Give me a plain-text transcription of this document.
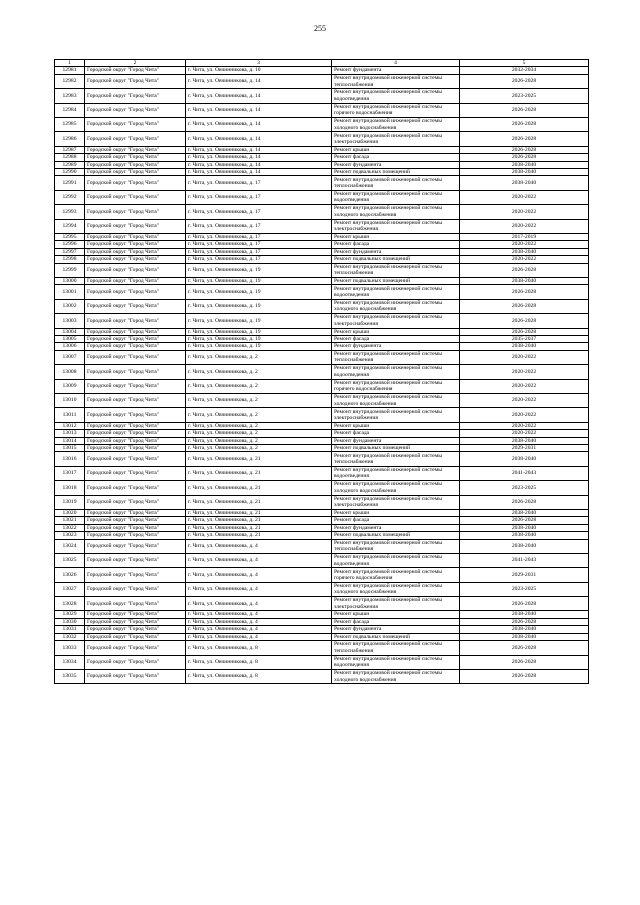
255
1	2	3	4	5
12981	Городской округ "Город Чита"	г. Чита, ул. Овчинникова, д. 10	Ремонт фундамента	2032-2034
12982	Городской округ "Город Чита"	г. Чита, ул. Овчинникова, д. 14	Ремонт внутридомовой инженерной системы теплоснабжения	2026-2028
12983	Городской округ "Город Чита"	г. Чита, ул. Овчинникова, д. 14	Ремонт внутридомовой инженерной системы водоотведения	2023-2025
12984	Городской округ "Город Чита"	г. Чита, ул. Овчинникова, д. 14	Ремонт внутридомовой инженерной системы горячего водоснабжения	2026-2028
12985	Городской округ "Город Чита"	г. Чита, ул. Овчинникова, д. 14	Ремонт внутридомовой инженерной системы холодного водоснабжения	2026-2028
12986	Городской округ "Город Чита"	г. Чита, ул. Овчинникова, д. 14	Ремонт внутридомовой инженерной системы электроснабжения	2026-2028
12987	Городской округ "Город Чита"	г. Чита, ул. Овчинникова, д. 14	Ремонт крыши	2026-2028
12988	Городской округ "Город Чита"	г. Чита, ул. Овчинникова, д. 14	Ремонт фасада	2026-2028
12989	Городской округ "Город Чита"	г. Чита, ул. Овчинникова, д. 14	Ремонт фундамента	2038-2040
12990	Городской округ "Город Чита"	г. Чита, ул. Овчинникова, д. 14	Ремонт подвальных помещений	2038-2040
12991	Городской округ "Город Чита"	г. Чита, ул. Овчинникова, д. 17	Ремонт внутридомовой инженерной системы теплоснабжения	2038-2040
12992	Городской округ "Город Чита"	г. Чита, ул. Овчинникова, д. 17	Ремонт внутридомовой инженерной системы водоотведения	2020-2022
12993	Городской округ "Город Чита"	г. Чита, ул. Овчинникова, д. 17	Ремонт внутридомовой инженерной системы холодного водоснабжения	2020-2022
12994	Городской округ "Город Чита"	г. Чита, ул. Овчинникова, д. 17	Ремонт внутридомовой инженерной системы электроснабжения	2020-2022
12995	Городской округ "Город Чита"	г. Чита, ул. Овчинникова, д. 17	Ремонт крыши	2017-2019
12996	Городской округ "Город Чита"	г. Чита, ул. Овчинникова, д. 17	Ремонт фасада	2020-2022
12997	Городской округ "Город Чита"	г. Чита, ул. Овчинникова, д. 17	Ремонт фундамента	2038-2040
12998	Городской округ "Город Чита"	г. Чита, ул. Овчинникова, д. 17	Ремонт подвальных помещений	2020-2022
12999	Городской округ "Город Чита"	г. Чита, ул. Овчинникова, д. 19	Ремонт внутридомовой инженерной системы теплоснабжения	2026-2028
13000	Городской округ "Город Чита"	г. Чита, ул. Овчинникова, д. 19	Ремонт подвальных помещений	2038-2040
13001	Городской округ "Город Чита"	г. Чита, ул. Овчинникова, д. 19	Ремонт внутридомовой инженерной системы водоотведения	2026-2028
13002	Городской округ "Город Чита"	г. Чита, ул. Овчинникова, д. 19	Ремонт внутридомовой инженерной системы холодного водоснабжения	2026-2028
13003	Городской округ "Город Чита"	г. Чита, ул. Овчинникова, д. 19	Ремонт внутридомовой инженерной системы электроснабжения	2026-2028
13004	Городской округ "Город Чита"	г. Чита, ул. Овчинникова, д. 19	Ремонт крыши	2026-2028
13005	Городской округ "Город Чита"	г. Чита, ул. Овчинникова, д. 19	Ремонт фасада	2035-2037
13006	Городской округ "Город Чита"	г. Чита, ул. Овчинникова, д. 19	Ремонт фундамента	2038-2040
13007	Городской округ "Город Чита"	г. Чита, ул. Овчинникова, д. 2	Ремонт внутридомовой инженерной системы теплоснабжения	2020-2022
13008	Городской округ "Город Чита"	г. Чита, ул. Овчинникова, д. 2	Ремонт внутридомовой инженерной системы водоотведения	2020-2022
13009	Городской округ "Город Чита"	г. Чита, ул. Овчинникова, д. 2	Ремонт внутридомовой инженерной системы горячего водоснабжения	2020-2022
13010	Городской округ "Город Чита"	г. Чита, ул. Овчинникова, д. 2	Ремонт внутридомовой инженерной системы холодного водоснабжения	2020-2022
13011	Городской округ "Город Чита"	г. Чита, ул. Овчинникова, д. 2	Ремонт внутридомовой инженерной системы электроснабжения	2020-2022
13012	Городской округ "Город Чита"	г. Чита, ул. Овчинникова, д. 2	Ремонт крыши	2020-2022
13013	Городской округ "Город Чита"	г. Чита, ул. Овчинникова, д. 2	Ремонт фасада	2020-2022
13014	Городской округ "Город Чита"	г. Чита, ул. Овчинникова, д. 2	Ремонт фундамента	2038-2040
13015	Городской округ "Город Чита"	г. Чита, ул. Овчинникова, д. 2	Ремонт подвальных помещений	2029-2031
13016	Городской округ "Город Чита"	г. Чита, ул. Овчинникова, д. 21	Ремонт внутридомовой инженерной системы теплоснабжения	2038-2040
13017	Городской округ "Город Чита"	г. Чита, ул. Овчинникова, д. 21	Ремонт внутридомовой инженерной системы водоотведения	2041-2043
13018	Городской округ "Город Чита"	г. Чита, ул. Овчинникова, д. 21	Ремонт внутридомовой инженерной системы холодного водоснабжения	2023-2025
13019	Городской округ "Город Чита"	г. Чита, ул. Овчинникова, д. 21	Ремонт внутридомовой инженерной системы электроснабжения	2026-2028
13020	Городской округ "Город Чита"	г. Чита, ул. Овчинникова, д. 21	Ремонт крыши	2038-2040
13021	Городской округ "Город Чита"	г. Чита, ул. Овчинникова, д. 21	Ремонт фасада	2026-2028
13022	Городской округ "Город Чита"	г. Чита, ул. Овчинникова, д. 21	Ремонт фундамента	2038-2040
13023	Городской округ "Город Чита"	г. Чита, ул. Овчинникова, д. 21	Ремонт подвальных помещений	2038-2040
13024	Городской округ "Город Чита"	г. Чита, ул. Овчинникова, д. 4	Ремонт внутридомовой инженерной системы теплоснабжения	2038-2040
13025	Городской округ "Город Чита"	г. Чита, ул. Овчинникова, д. 4	Ремонт внутридомовой инженерной системы водоотведения	2041-2043
13026	Городской округ "Город Чита"	г. Чита, ул. Овчинникова, д. 4	Ремонт внутридомовой инженерной системы горячего водоснабжения	2029-2031
13027	Городской округ "Город Чита"	г. Чита, ул. Овчинникова, д. 4	Ремонт внутридомовой инженерной системы холодного водоснабжения	2023-2025
13028	Городской округ "Город Чита"	г. Чита, ул. Овчинникова, д. 4	Ремонт внутридомовой инженерной системы электроснабжения	2026-2028
13029	Городской округ "Город Чита"	г. Чита, ул. Овчинникова, д. 4	Ремонт крыши	2038-2040
13030	Городской округ "Город Чита"	г. Чита, ул. Овчинникова, д. 4	Ремонт фасада	2026-2028
13031	Городской округ "Город Чита"	г. Чита, ул. Овчинникова, д. 4	Ремонт фундамента	2038-2040
13032	Городской округ "Город Чита"	г. Чита, ул. Овчинникова, д. 4	Ремонт подвальных помещений	2038-2040
13033	Городской округ "Город Чита"	г. Чита, ул. Овчинникова, д. 8	Ремонт внутридомовой инженерной системы теплоснабжения	2026-2028
13034	Городской округ "Город Чита"	г. Чита, ул. Овчинникова, д. 8	Ремонт внутридомовой инженерной системы водоотведения	2026-2028
13035	Городской округ "Город Чита"	г. Чита, ул. Овчинникова, д. 8	Ремонт внутридомовой инженерной системы холодного водоснабжения	2026-2028
